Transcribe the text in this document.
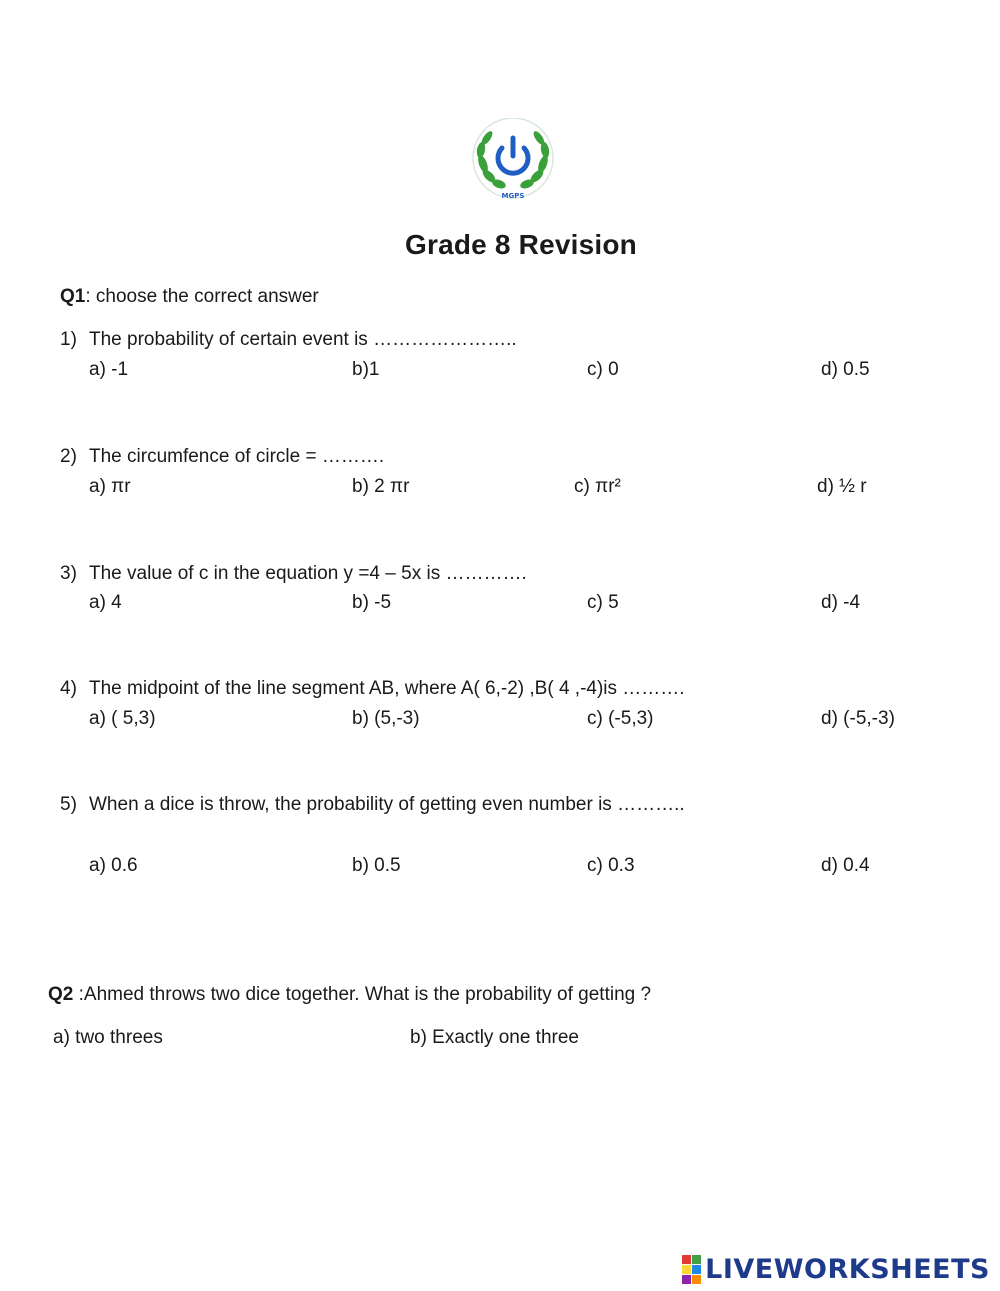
MGPS
Grade 8 Revision
Q1: choose the correct answer
1) The probability of certain event is …………………..
a) -1	b)1	c) 0	d) 0.5
2) The circumfence of circle = ……….
a) πr	b) 2 πr	c) πr²	d) ½ r
3) The value of c in the equation y =4 – 5x is ………….
a) 4	b) -5	c) 5	d) -4
4) The midpoint of the line segment AB, where A( 6,-2) ,B( 4 ,-4)is ……….
a) ( 5,3)	b) (5,-3)	c) (-5,3)	d) (-5,-3)
5) When a dice is throw, the probability of getting even number is ………..
a) 0.6	b) 0.5	c) 0.3	d) 0.4
Q2 :Ahmed throws two dice together. What is the probability of getting ?
a) two threes	b) Exactly one three
LIVEWORKSHEETS
